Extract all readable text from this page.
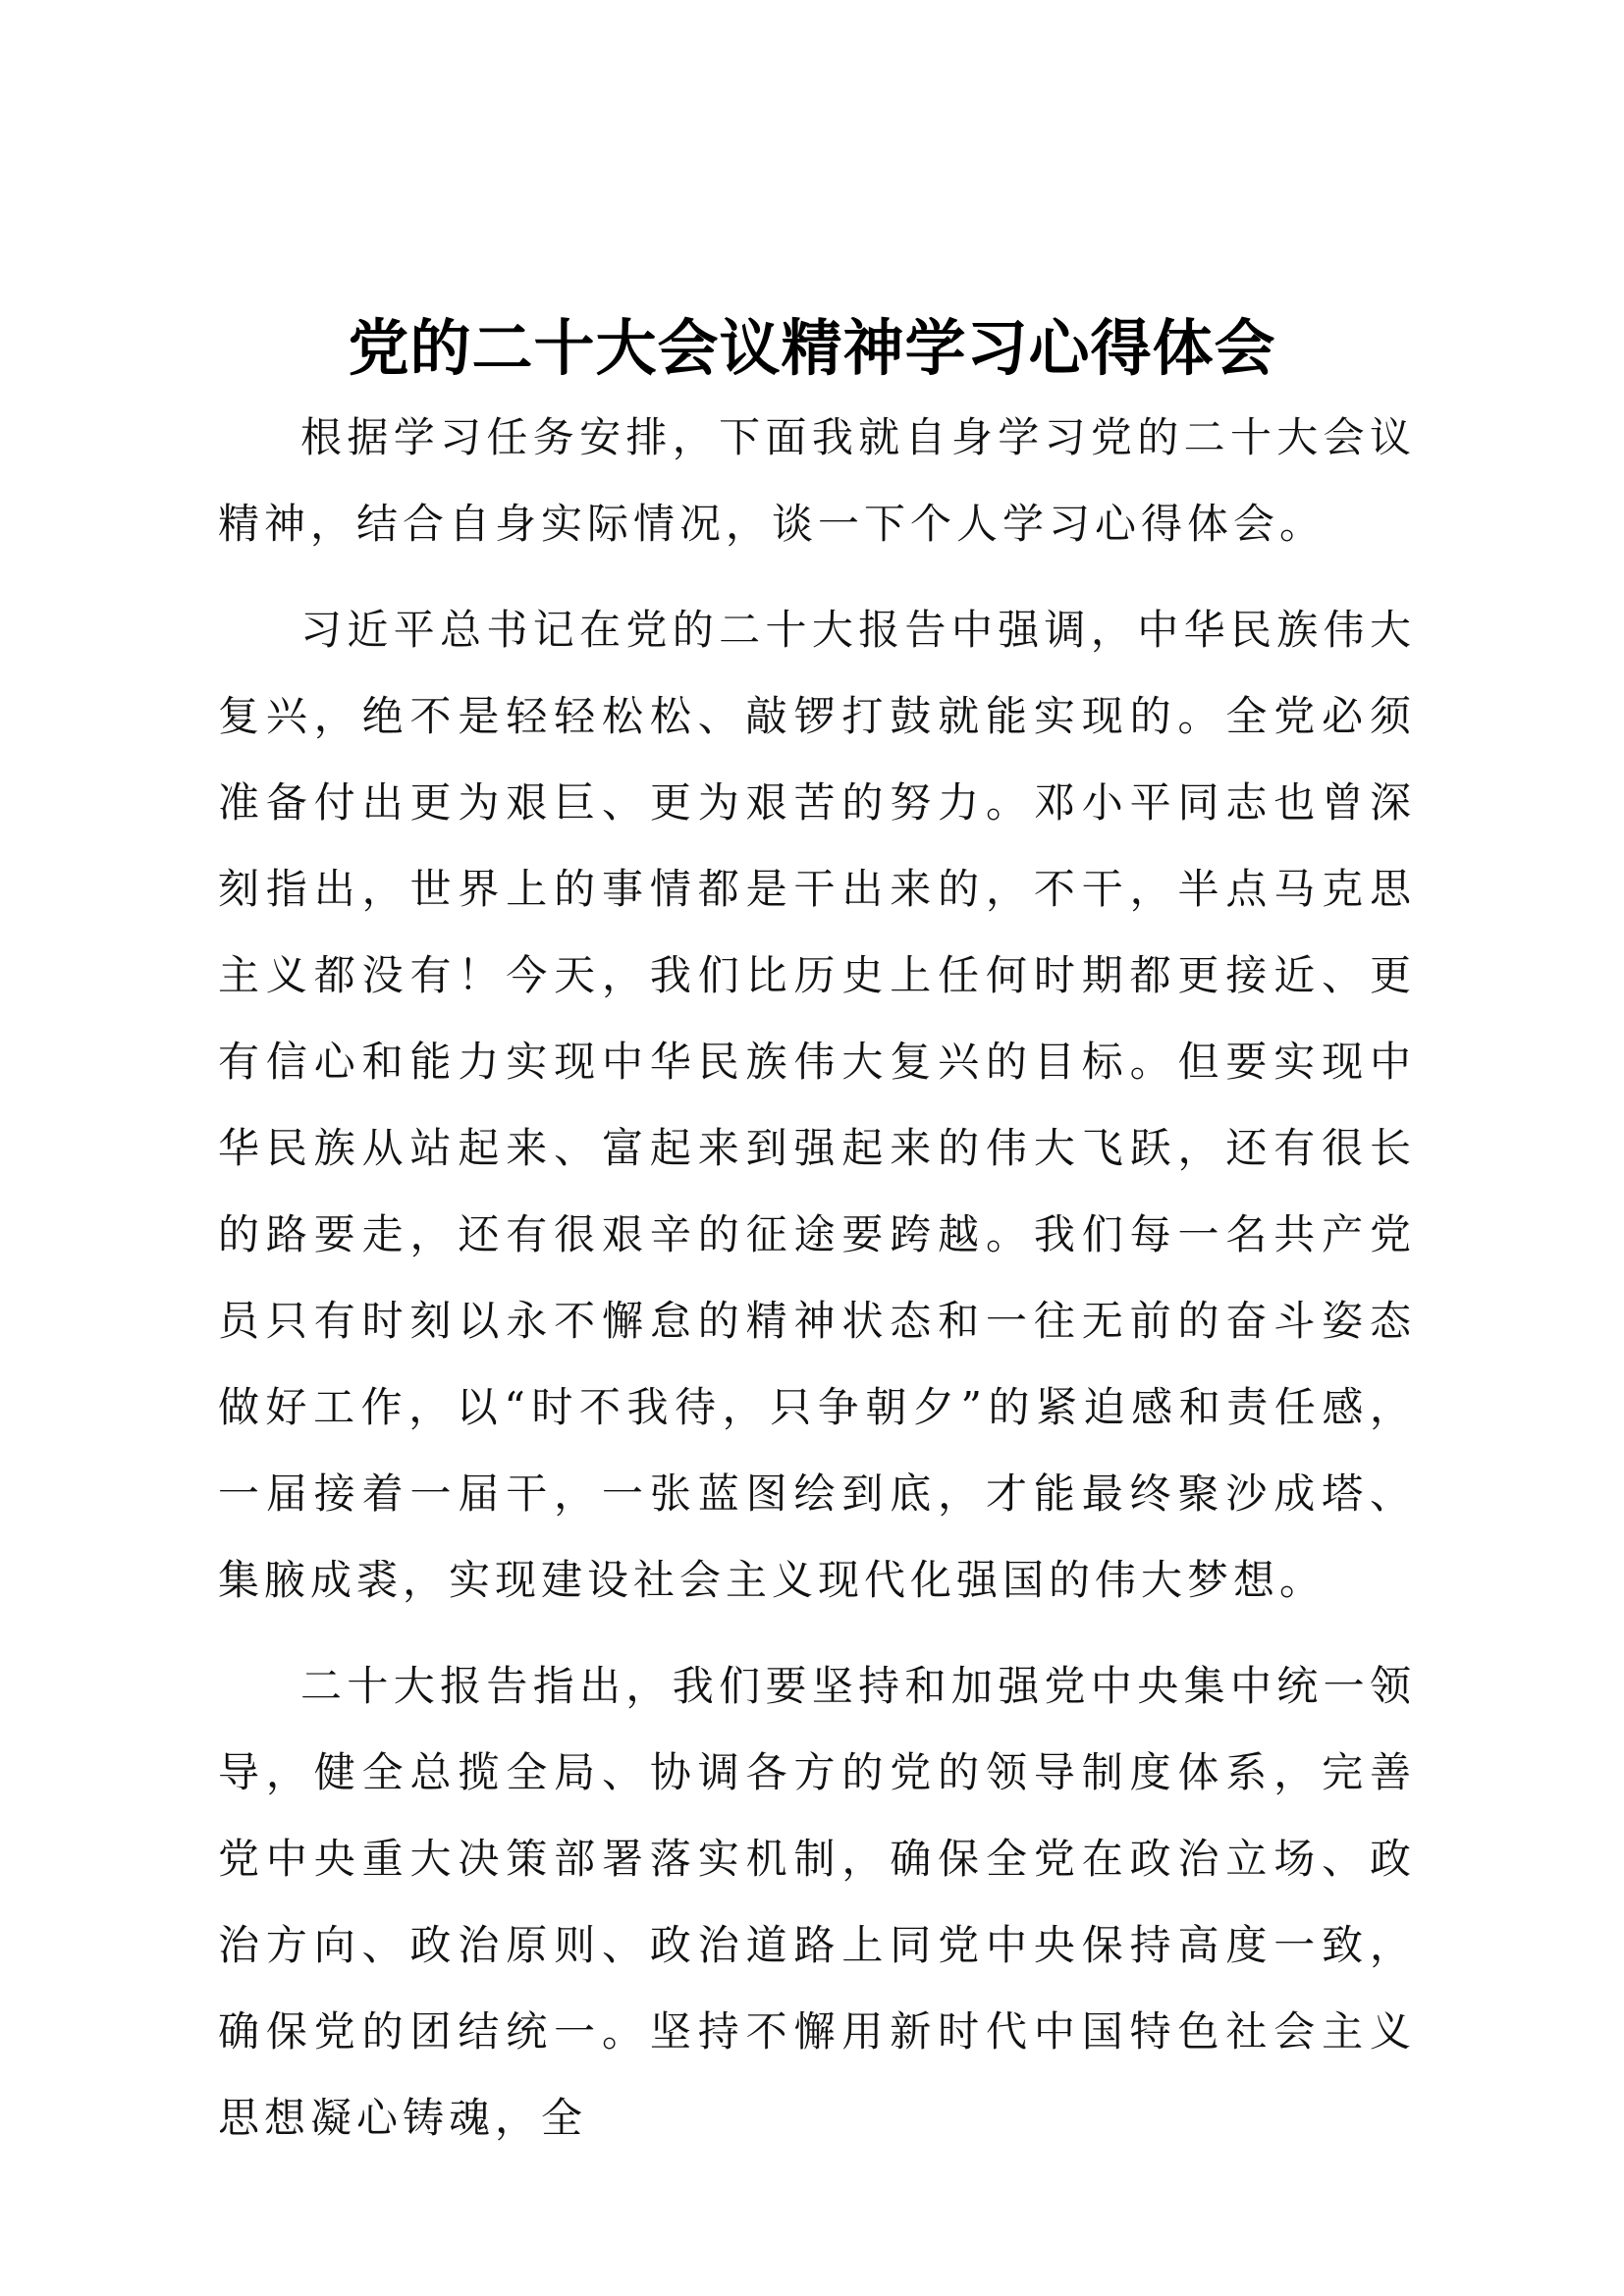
党的二十大会议精神学习心得体会

根据学习任务安排，下面我就自身学习党的二十大会议精神，结合自身实际情况，谈一下个人学习心得体会。

习近平总书记在党的二十大报告中强调，中华民族伟大复兴，绝不是轻轻松松、敲锣打鼓就能实现的。全党必须准备付出更为艰巨、更为艰苦的努力。邓小平同志也曾深刻指出，世界上的事情都是干出来的，不干，半点马克思主义都没有！今天，我们比历史上任何时期都更接近、更有信心和能力实现中华民族伟大复兴的目标。但要实现中华民族从站起来、富起来到强起来的伟大飞跃，还有很长的路要走，还有很艰辛的征途要跨越。我们每一名共产党员只有时刻以永不懈怠的精神状态和一往无前的奋斗姿态做好工作，以“时不我待，只争朝夕”的紧迫感和责任感，一届接着一届干，一张蓝图绘到底，才能最终聚沙成塔、集腋成裘，实现建设社会主义现代化强国的伟大梦想。

二十大报告指出，我们要坚持和加强党中央集中统一领导，健全总揽全局、协调各方的党的领导制度体系，完善党中央重大决策部署落实机制，确保全党在政治立场、政治方向、政治原则、政治道路上同党中央保持高度一致，确保党的团结统一。坚持不懈用新时代中国特色社会主义思想凝心铸魂，全
